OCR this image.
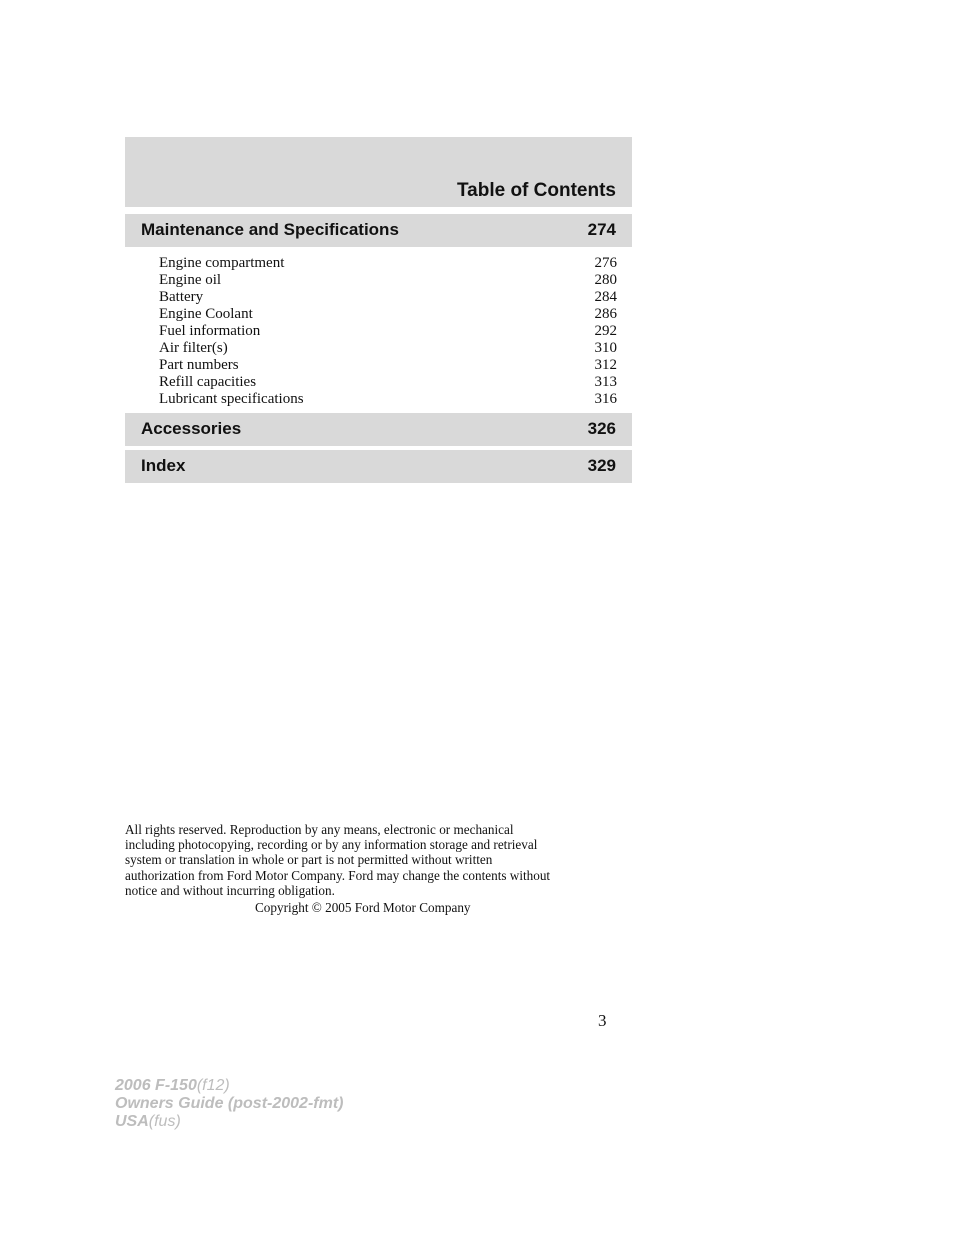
Table of Contents
Maintenance and Specifications	274
Engine compartment	276
Engine oil	280
Battery	284
Engine Coolant	286
Fuel information	292
Air filter(s)	310
Part numbers	312
Refill capacities	313
Lubricant specifications	316
Accessories	326
Index	329
All rights reserved. Reproduction by any means, electronic or mechanical
including photocopying, recording or by any information storage and retrieval
system or translation in whole or part is not permitted without written
authorization from Ford Motor Company. Ford may change the contents without
notice and without incurring obligation.
Copyright © 2005 Ford Motor Company
3
2006 F-150(f12)
Owners Guide (post-2002-fmt)
USA(fus)
